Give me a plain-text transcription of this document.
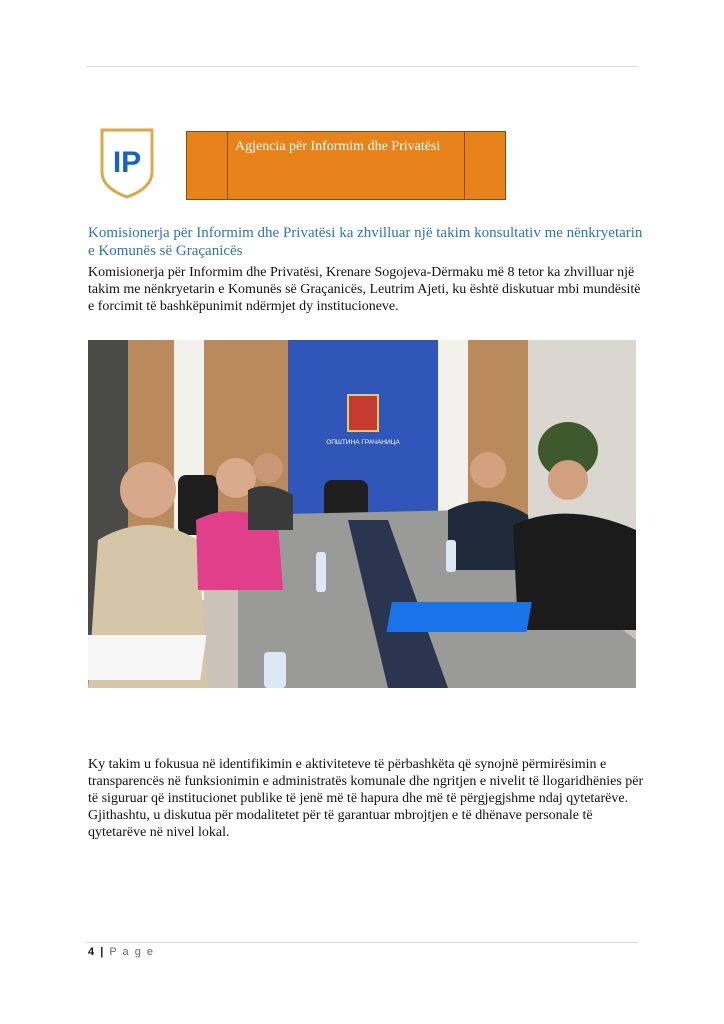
IP	Agjencia për Informim dhe Privatësi
Komisionerja për Informim dhe Privatësi ka zhvilluar një takim konsultativ me nënkryetarin e Komunës së Graçanicës
Komisionerja për Informim dhe Privatësi, Krenare Sogojeva-Dërmaku më 8 tetor ka zhvilluar një takim me nënkryetarin e Komunës së Graçanicës, Leutrim Ajeti, ku është diskutuar mbi mundësitë e forcimit të bashkëpunimit ndërmjet dy institucioneve.
ОПШТИНА ГРАЧАНИЦА
Ky takim u fokusua në identifikimin e aktiviteteve të përbashkëta që synojnë përmirësimin e transparencës në funksionimin e administratës komunale dhe ngritjen e nivelit të llogaridhënies për të siguruar që institucionet publike të jenë më të hapura dhe më të përgjegjshme ndaj qytetarëve. Gjithashtu, u diskutua për modalitetet për të garantuar mbrojtjen e të dhënave personale të qytetarëve në nivel lokal.
4 | P a g e
